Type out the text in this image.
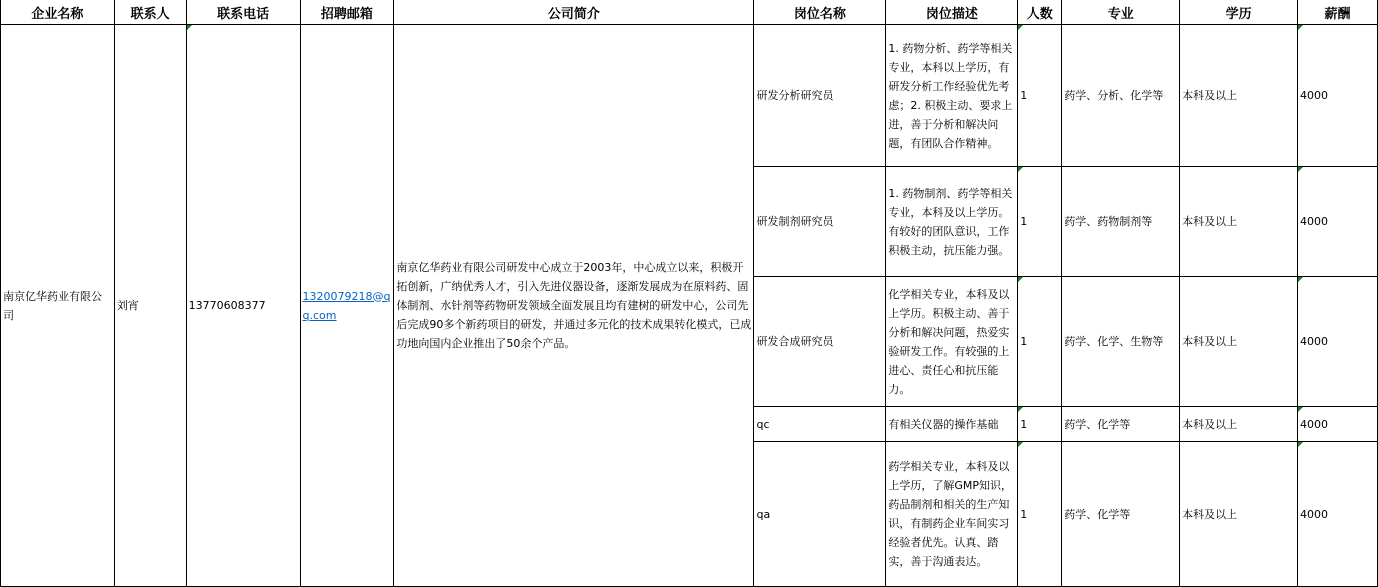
企业名称	联系人	联系电话	招聘邮箱	公司简介	岗位名称	岗位描述	人数	专业	学历	薪酬
南京亿华药业有限公司	刘宵	13770608377	1320079218@qq.com	南京亿华药业有限公司研发中心成立于2003年，中心成立以来，积极开拓创新，广纳优秀人才，引入先进仪器设备，逐渐发展成为在原料药、固体制剂、水针剂等药物研发领域全面发展且均有建树的研发中心，公司先后完成90多个新药项目的研发，并通过多元化的技术成果转化模式，已成功地向国内企业推出了50余个产品。	研发分析研究员	1. 药物分析、药学等相关专业，本科以上学历，有研发分析工作经验优先考虑；2. 积极主动、要求上进，善于分析和解决问题，有团队合作精神。	1	药学、分析、化学等	本科及以上	4000
					研发制剂研究员	1. 药物制剂、药学等相关专业，本科及以上学历。有较好的团队意识，工作积极主动，抗压能力强。	1	药学、药物制剂等	本科及以上	4000
					研发合成研究员	化学相关专业，本科及以上学历。积极主动、善于分析和解决问题，热爱实验研发工作。有较强的上进心、责任心和抗压能力。	1	药学、化学、生物等	本科及以上	4000
					qc	有相关仪器的操作基础	1	药学、化学等	本科及以上	4000
					qa	药学相关专业，本科及以上学历，了解GMP知识，药品制剂和相关的生产知识，有制药企业车间实习经验者优先。认真、踏实，善于沟通表达。	1	药学、化学等	本科及以上	4000
